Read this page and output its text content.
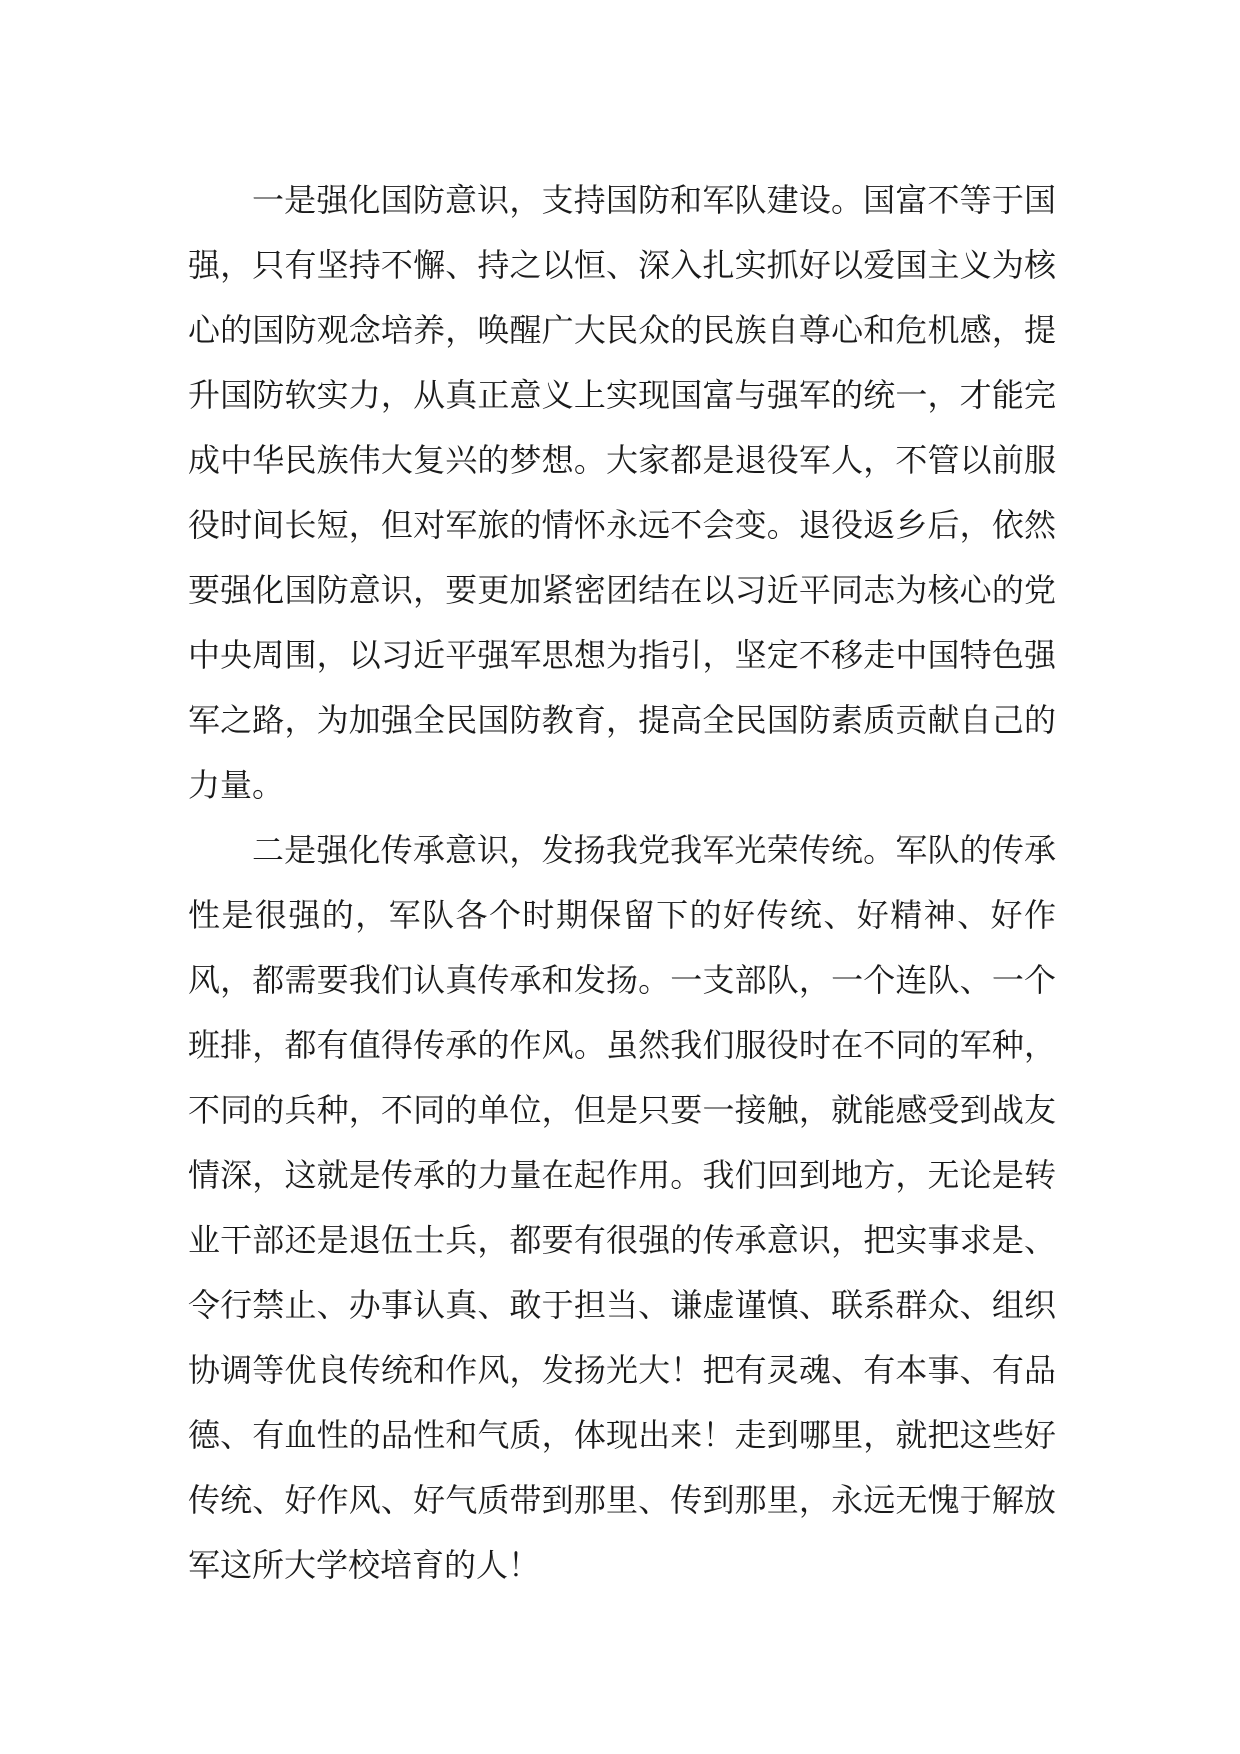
一是强化国防意识，支持国防和军队建设。国富不等于国强，只有坚持不懈、持之以恒、深入扎实抓好以爱国主义为核心的国防观念培养，唤醒广大民众的民族自尊心和危机感，提升国防软实力，从真正意义上实现国富与强军的统一，才能完成中华民族伟大复兴的梦想。大家都是退役军人，不管以前服役时间长短，但对军旅的情怀永远不会变。退役返乡后，依然要强化国防意识，要更加紧密团结在以习近平同志为核心的党中央周围，以习近平强军思想为指引，坚定不移走中国特色强军之路，为加强全民国防教育，提高全民国防素质贡献自己的力量。

二是强化传承意识，发扬我党我军光荣传统。军队的传承性是很强的，军队各个时期保留下的好传统、好精神、好作风，都需要我们认真传承和发扬。一支部队，一个连队、一个班排，都有值得传承的作风。虽然我们服役时在不同的军种，不同的兵种，不同的单位，但是只要一接触，就能感受到战友情深，这就是传承的力量在起作用。我们回到地方，无论是转业干部还是退伍士兵，都要有很强的传承意识，把实事求是、令行禁止、办事认真、敢于担当、谦虚谨慎、联系群众、组织协调等优良传统和作风，发扬光大！把有灵魂、有本事、有品德、有血性的品性和气质，体现出来！走到哪里，就把这些好传统、好作风、好气质带到那里、传到那里，永远无愧于解放军这所大学校培育的人！
